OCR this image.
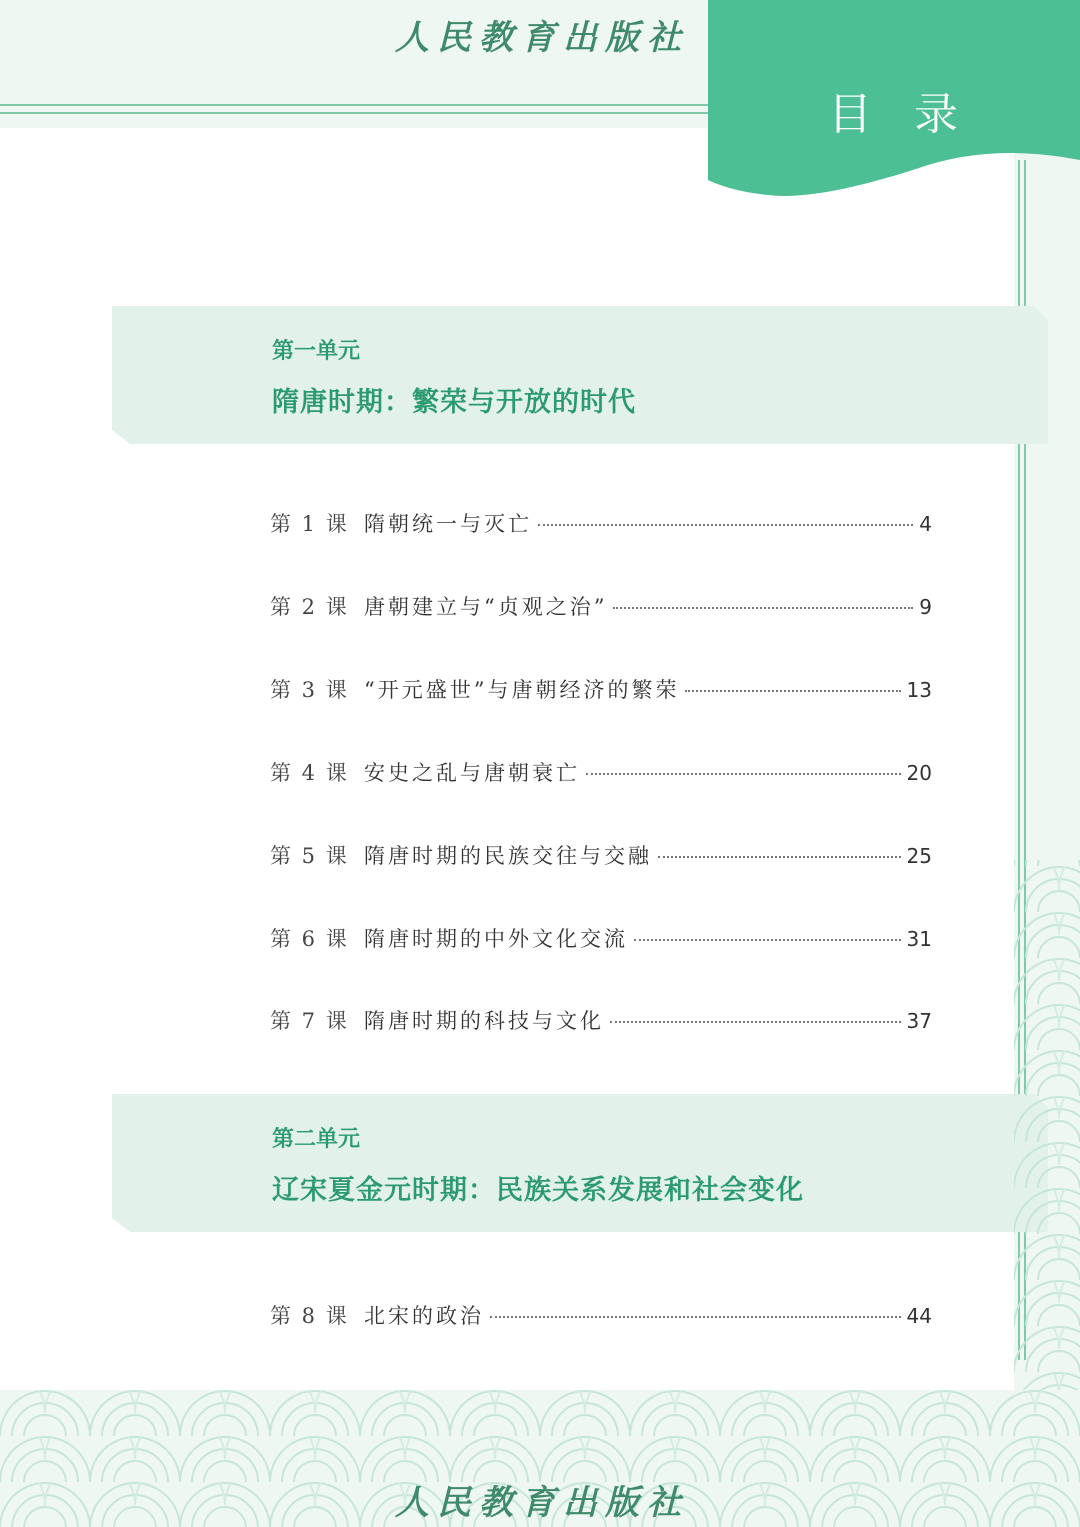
人民教育出版社
目 录
第一单元
隋唐时期：繁荣与开放的时代
第 1 课 隋朝统一与灭亡	4
第 2 课 唐朝建立与“贞观之治”	9
第 3 课 “开元盛世”与唐朝经济的繁荣	13
第 4 课 安史之乱与唐朝衰亡	20
第 5 课 隋唐时期的民族交往与交融	25
第 6 课 隋唐时期的中外文化交流	31
第 7 课 隋唐时期的科技与文化	37
第二单元
辽宋夏金元时期：民族关系发展和社会变化
第 8 课 北宋的政治	44
人民教育出版社
